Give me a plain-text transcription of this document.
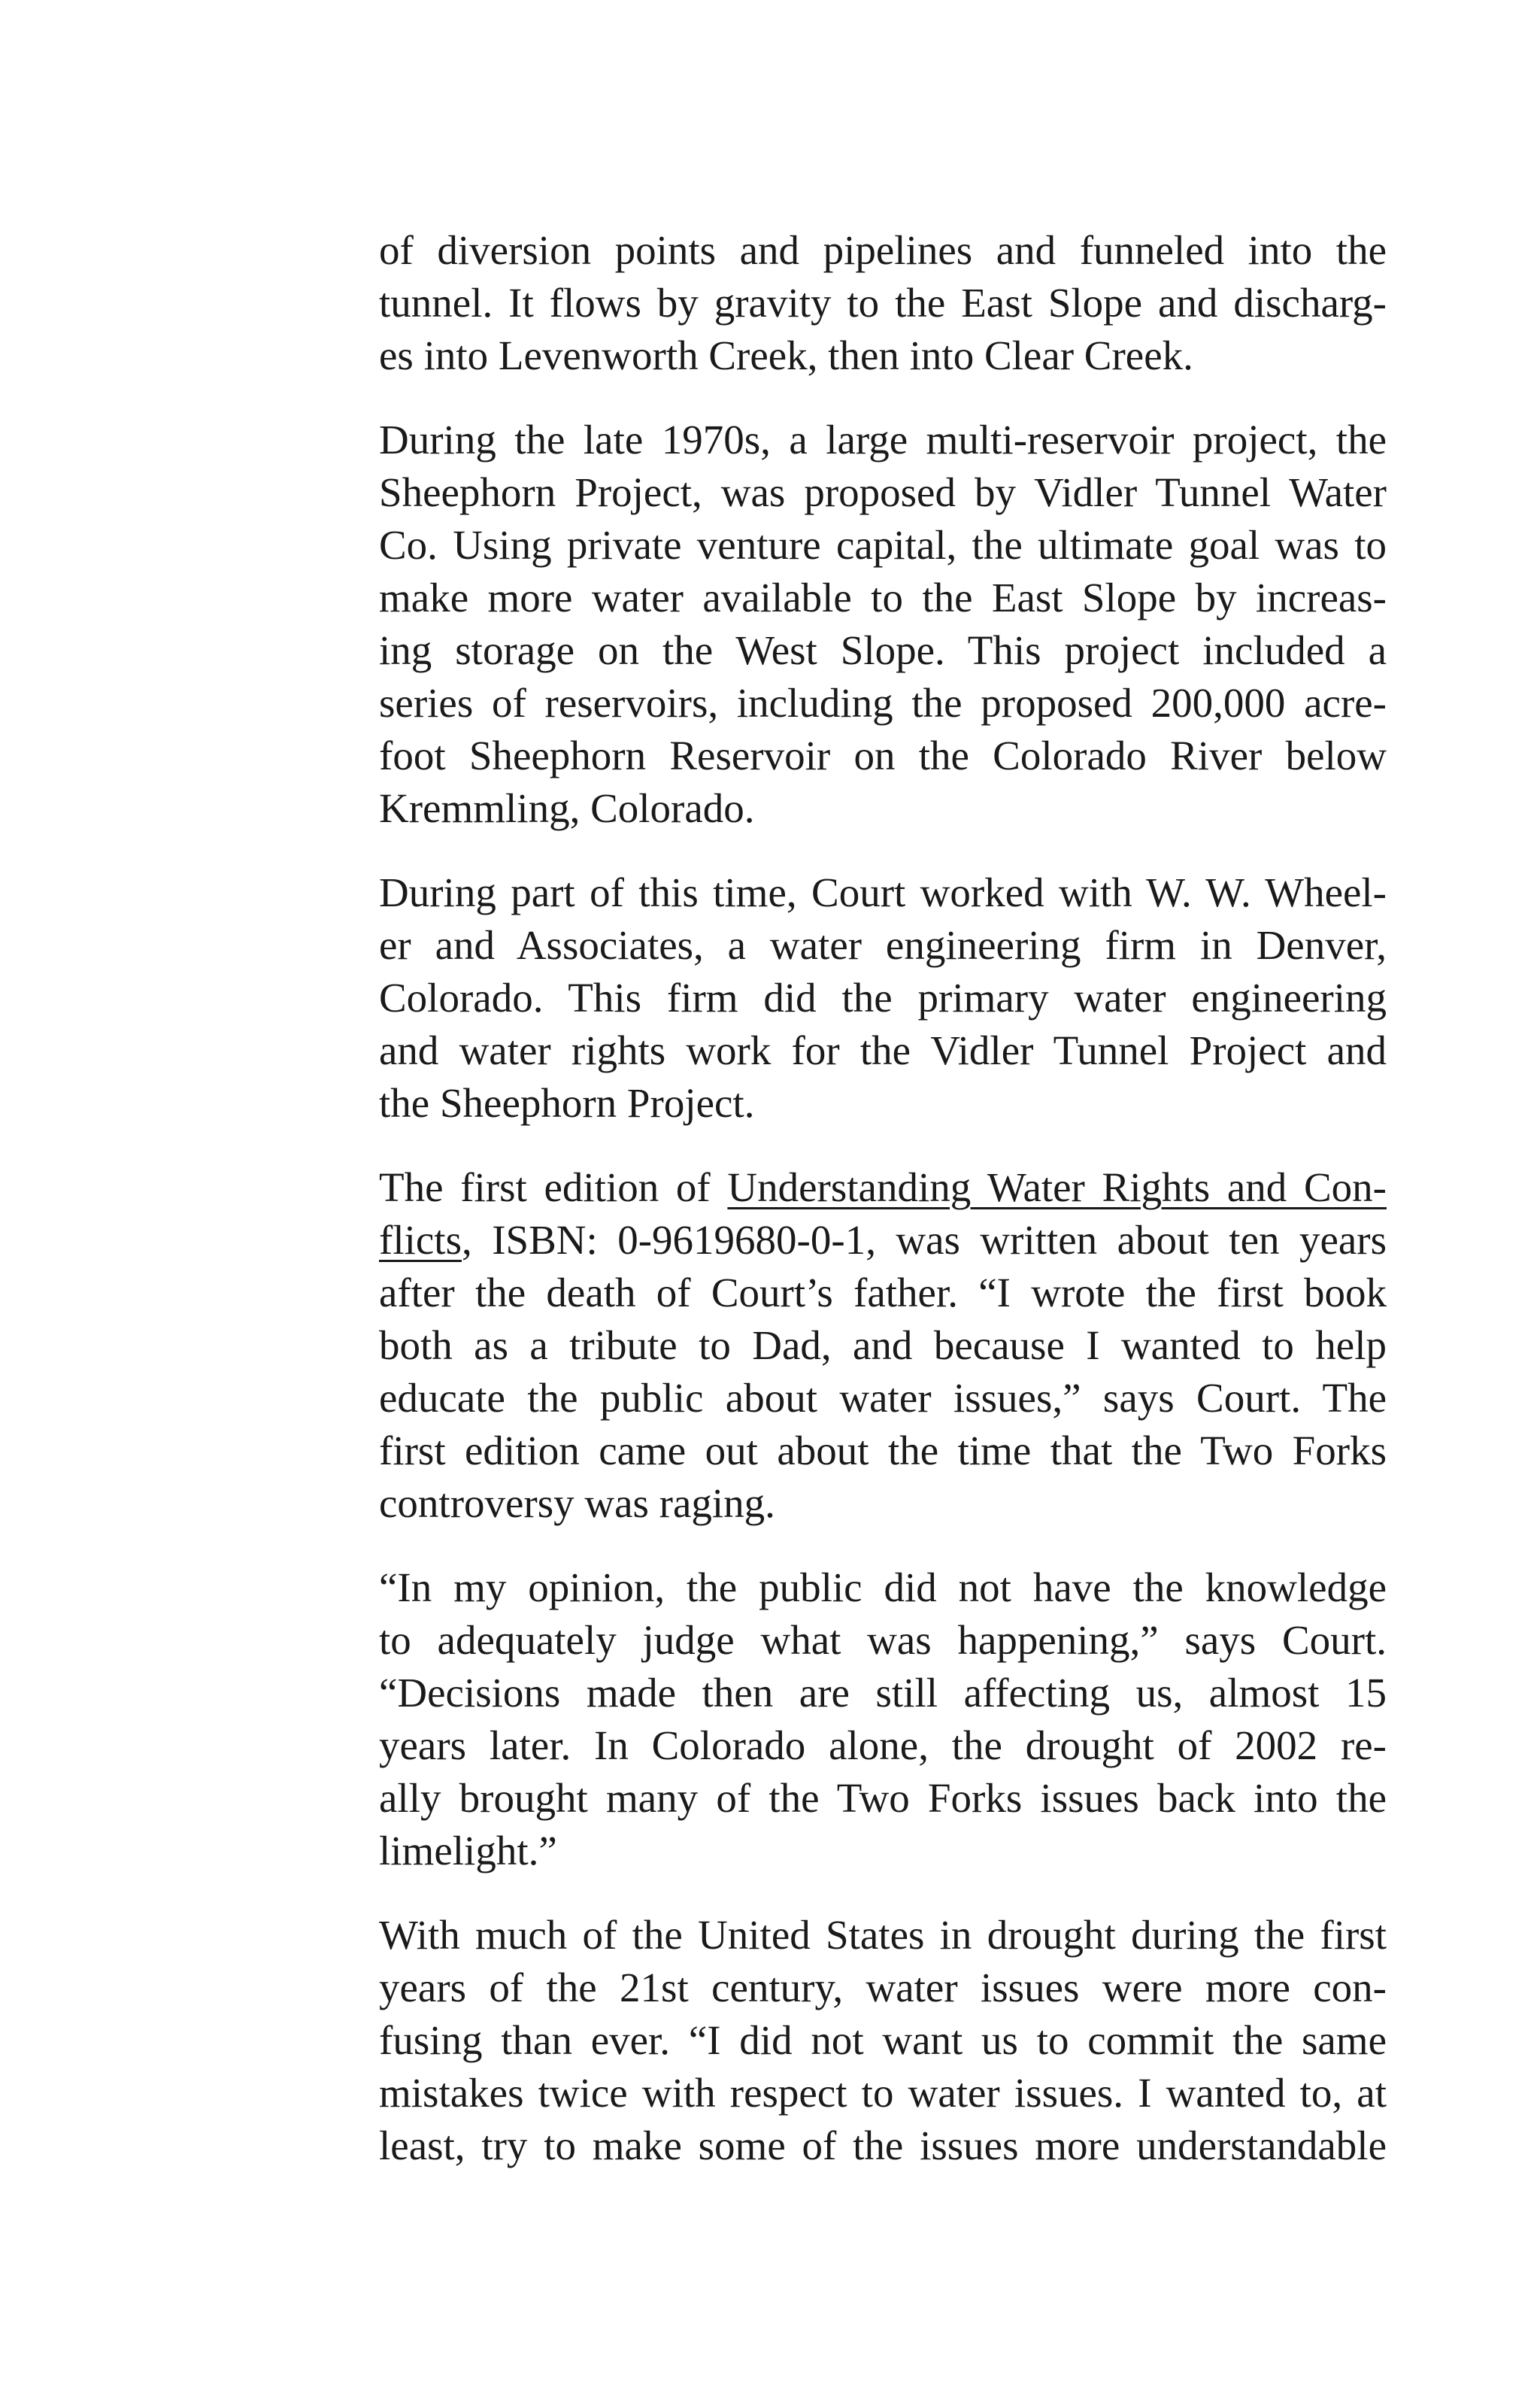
of diversion points and pipelines and funneled into the
tunnel. It flows by gravity to the East Slope and discharg-
es into Levenworth Creek, then into Clear Creek.
During the late 1970s, a large multi-reservoir project, the
Sheephorn Project, was proposed by Vidler Tunnel Water
Co. Using private venture capital, the ultimate goal was to
make more water available to the East Slope by increas-
ing storage on the West Slope. This project included a
series of reservoirs, including the proposed 200,000 acre-
foot Sheephorn Reservoir on the Colorado River below
Kremmling, Colorado.
During part of this time, Court worked with W. W. Wheel-
er and Associates, a water engineering firm in Denver,
Colorado. This firm did the primary water engineering
and water rights work for the Vidler Tunnel Project and
the Sheephorn Project.
The first edition of Understanding Water Rights and Con-
flicts, ISBN: 0-9619680-0-1, was written about ten years
after the death of Court’s father. “I wrote the first book
both as a tribute to Dad, and because I wanted to help
educate the public about water issues,” says Court. The
first edition came out about the time that the Two Forks
controversy was raging.
“In my opinion, the public did not have the knowledge
to adequately judge what was happening,” says Court.
“Decisions made then are still affecting us, almost 15
years later. In Colorado alone, the drought of 2002 re-
ally brought many of the Two Forks issues back into the
limelight.”
With much of the United States in drought during the first
years of the 21st century, water issues were more con-
fusing than ever. “I did not want us to commit the same
mistakes twice with respect to water issues. I wanted to, at
least, try to make some of the issues more understandable
